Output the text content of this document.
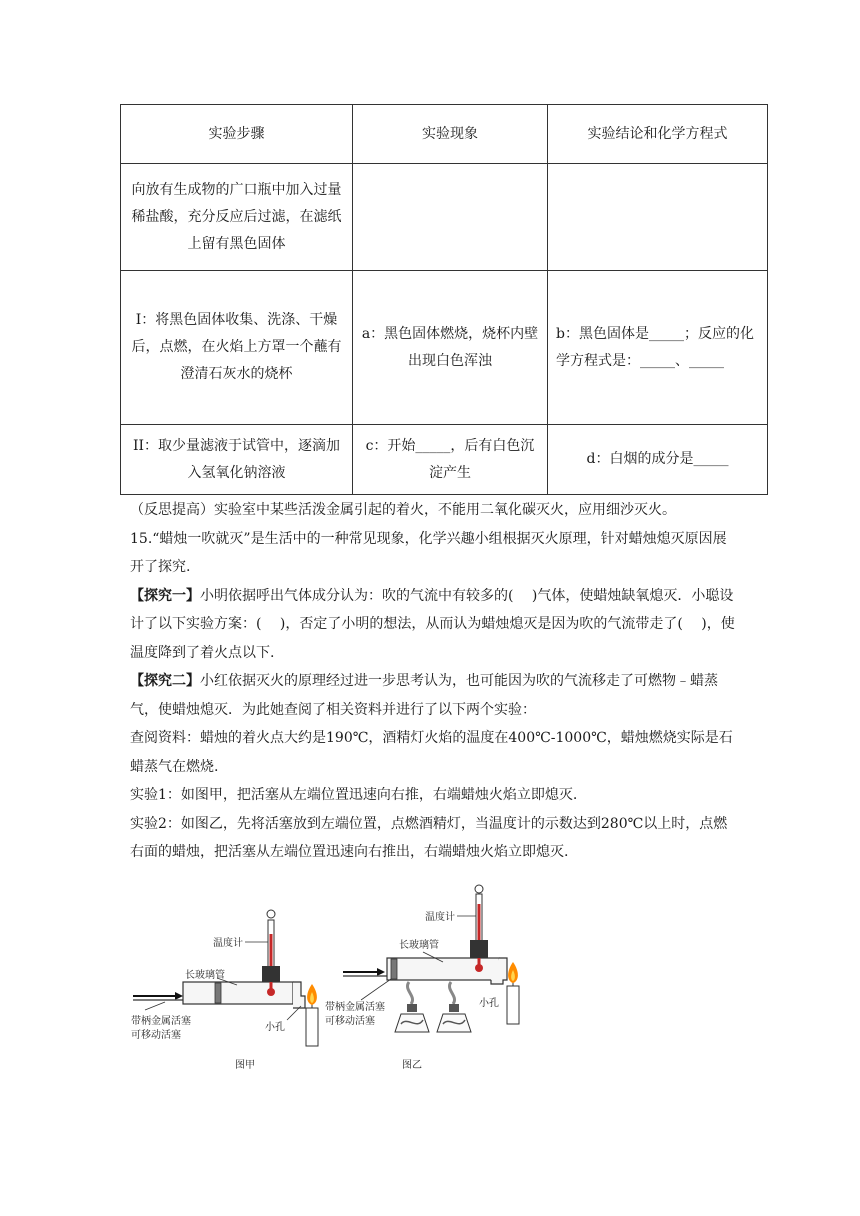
实验步骤	实验现象	实验结论和化学方程式
向放有生成物的广口瓶中加入过量稀盐酸，充分反应后过滤，在滤纸上留有黑色固体		
I：将黑色固体收集、洗涤、干燥后，点燃，在火焰上方罩一个蘸有澄清石灰水的烧杯	a：黑色固体燃烧，烧杯内壁出现白色浑浊	b：黑色固体是_____；反应的化学方程式是：_____、_____
II：取少量滤液于试管中，逐滴加入氢氧化钠溶液	c：开始_____，后有白色沉淀产生	d：白烟的成分是_____

（反思提高）实验室中某些活泼金属引起的着火，不能用二氧化碳灭火，应用细沙灭火。

15.“蜡烛一吹就灭”是生活中的一种常见现象，化学兴趣小组根据灭火原理，针对蜡烛熄灭原因展开了探究.

【探究一】小明依据呼出气体成分认为：吹的气流中有较多的(　 )气体，使蜡烛缺氧熄灭．小聪设计了以下实验方案：(　 )，否定了小明的想法，从而认为蜡烛熄灭是因为吹的气流带走了(　 )，使温度降到了着火点以下.

【探究二】小红依据灭火的原理经过进一步思考认为，也可能因为吹的气流移走了可燃物﹣蜡蒸气，使蜡烛熄灭．为此她查阅了相关资料并进行了以下两个实验：

查阅资料：蜡烛的着火点大约是190℃，酒精灯火焰的温度在400℃-1000℃，蜡烛燃烧实际是石蜡蒸气在燃烧.

实验1：如图甲，把活塞从左端位置迅速向右推，右端蜡烛火焰立即熄灭.

实验2：如图乙，先将活塞放到左端位置，点燃酒精灯，当温度计的示数达到280℃以上时，点燃右面的蜡烛，把活塞从左端位置迅速向右推出，右端蜡烛火焰立即熄灭.

温度计
长玻璃管
带柄金属活塞
可移动活塞
小孔
图甲
温度计
长玻璃管
带柄金属活塞
可移动活塞
小孔
图乙
